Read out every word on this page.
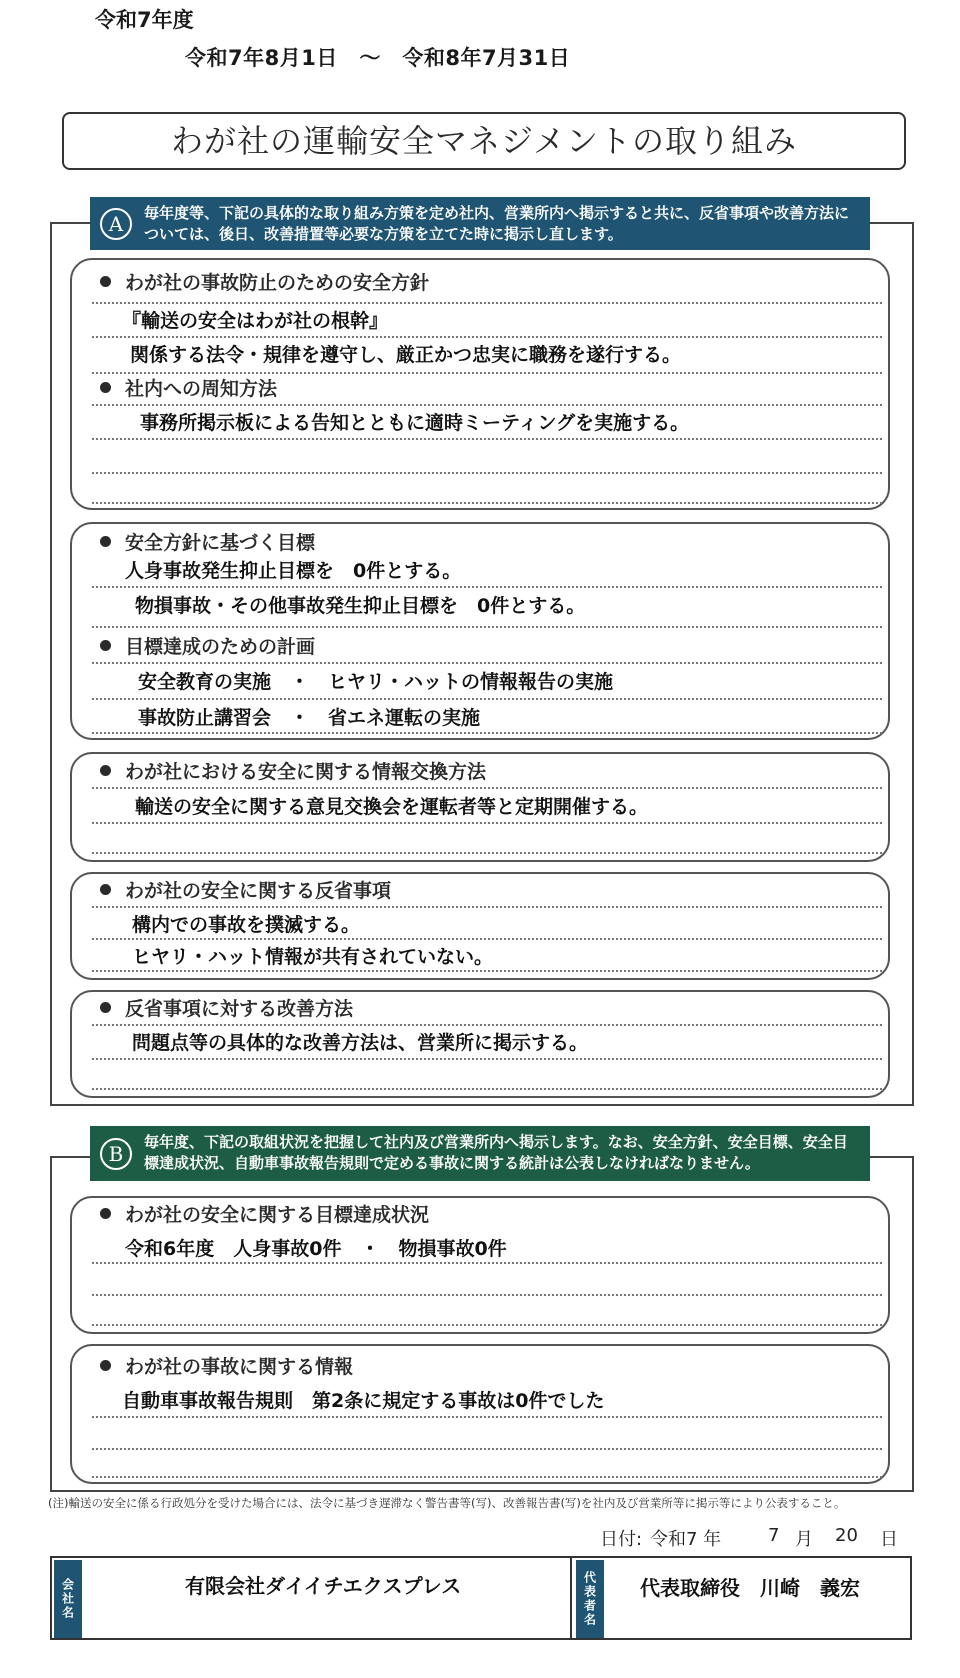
令和7年度
令和7年8月1日　～　令和8年7月31日
わが社の運輸安全マネジメントの取り組み
A	毎年度等、下記の具体的な取り組み方策を定め社内、営業所内へ掲示すると共に、反省事項や改善方法については、後日、改善措置等必要な方策を立てた時に掲示し直します。
わが社の事故防止のための安全方針
『輸送の安全はわが社の根幹』
関係する法令・規律を遵守し、厳正かつ忠実に職務を遂行する。
社内への周知方法
事務所掲示板による告知とともに適時ミーティングを実施する。
安全方針に基づく目標
人身事故発生抑止目標を　0件とする。
物損事故・その他事故発生抑止目標を　0件とする。
目標達成のための計画
安全教育の実施　・　ヒヤリ・ハットの情報報告の実施
事故防止講習会　・　省エネ運転の実施
わが社における安全に関する情報交換方法
輸送の安全に関する意見交換会を運転者等と定期開催する。
わが社の安全に関する反省事項
構内での事故を撲滅する。
ヒヤリ・ハット情報が共有されていない。
反省事項に対する改善方法
問題点等の具体的な改善方法は、営業所に掲示する。
B	毎年度、下記の取組状況を把握して社内及び営業所内へ掲示します。なお、安全方針、安全目標、安全目標達成状況、自動車事故報告規則で定める事故に関する統計は公表しなければなりません。
わが社の安全に関する目標達成状況
令和6年度　人身事故0件　・　物損事故0件
わが社の事故に関する情報
自動車事故報告規則　第2条に規定する事故は0件でした
(注)輸送の安全に係る行政処分を受けた場合には、法令に基づき遅滞なく警告書等(写)、改善報告書(写)を社内及び営業所等に掲示等により公表すること。
日付: 令和7 年	7 月 20 日
会社名	有限会社ダイイチエクスプレス	代表者名	代表取締役　川崎　義宏
